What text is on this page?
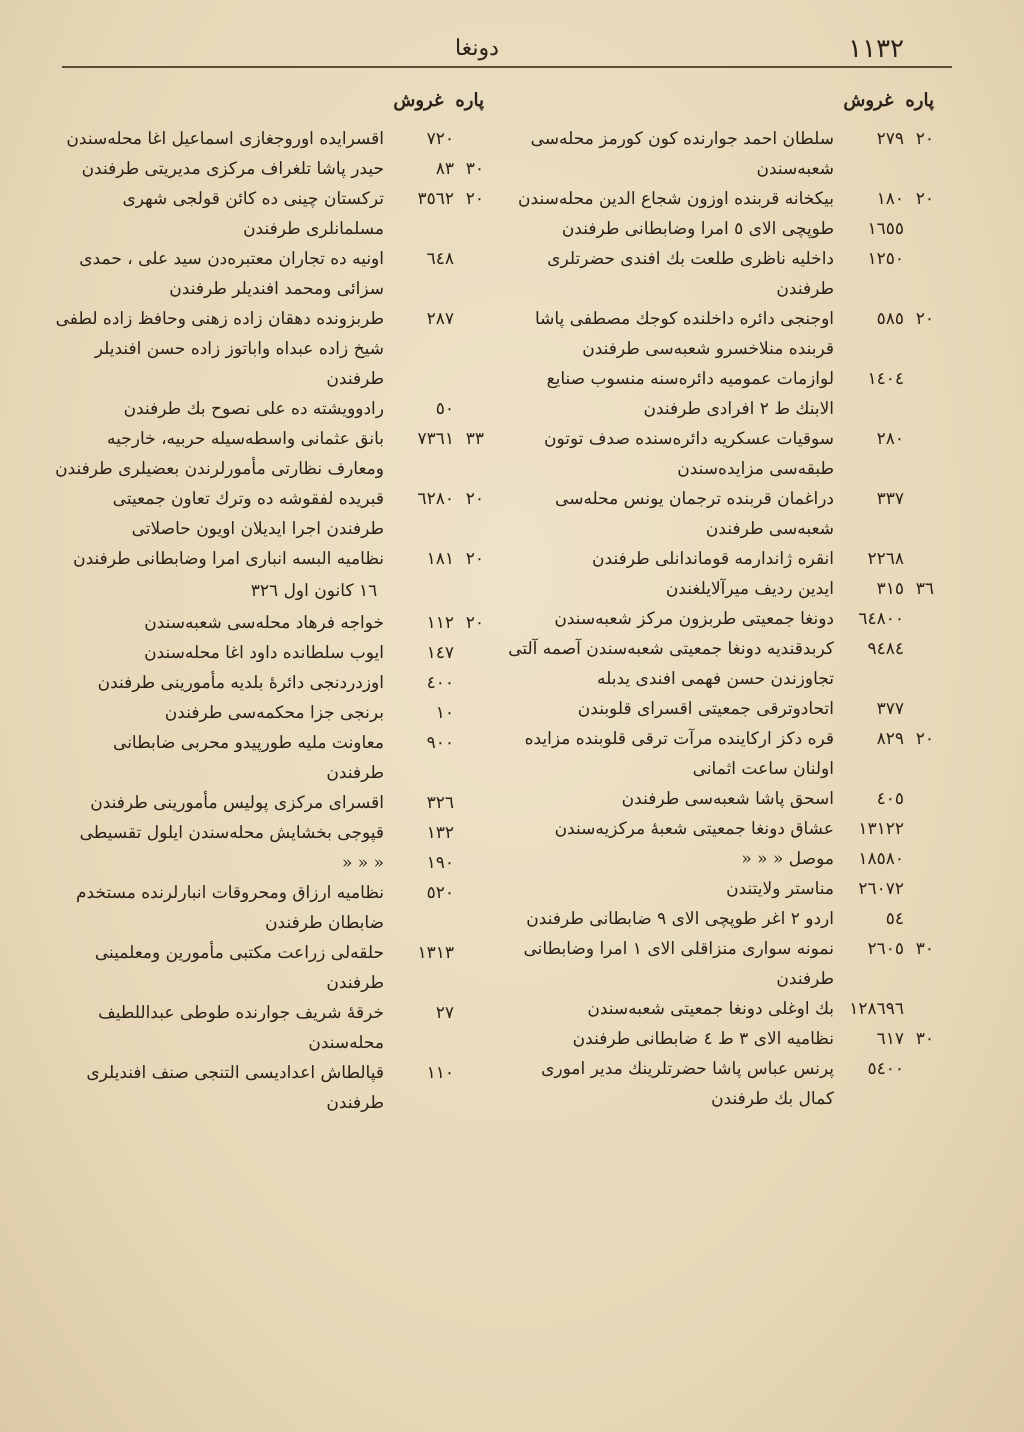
١١٣٢
دونغا
پاره
غروش
٢٠
٢٧٩
سلطان احمد جوارنده كون كورمز محله‌سى شعبه‌سندن
٢٠
١٨٠
بيكخانه قربنده اوزون شجاع الدين محله‌سندن
١٦٥٥
طوپچى الاى ٥ امرا وضابطانى طرفندن
١٢٥٠
داخليه ناظرى طلعت بك افندى حضرتلرى طرفندن
٢٠
٥٨٥
اوجنجى دائره داخلنده كوجك مصطفى پاشا قربنده منلاخسرو شعبه‌سى طرفندن
١٤٠٤
لوازمات عموميه دائره‌سنه منسوب صنايع الابنك ط ٢ افرادى طرفندن
٢٨٠
سوقيات عسكريه دائره‌سنده صدف توتون طبقه‌سى مزايده‌سندن
٣٣٧
دراغمان قربنده ترجمان يونس محله‌سى شعبه‌سى طرفندن
٢٢٦٨
انقره ژاندارمه قوماندانلى طرفندن
٣٦
٣١٥
ايدين رديف ميرآلايلغندن
٦٤٨٠٠
دونغا جمعيتى طربزون مركز شعبه‌سندن
٩٤٨٤
كربدقنديه دونغا جمعيتى شعبه‌سندن آصمه آلتى تجاوزندن حسن فهمى افندى يدبله
٣٧٧
اتحادوترقى جمعيتى اقسراى قلوبندن
٢٠
٨٢٩
قره دكز اركاينده مرآت ترقى قلوبنده مزايده اولنان ساعت اثمانى
٤٠٥
اسحق پاشا شعبه‌سى طرفندن
١٣١٢٢
عشاق دونغا جمعيتى شعبهٔ مركزيه‌سندن
١٨٥٨٠
موصل « « «
٢٦٠٧٢
مناستر ولايتندن
٥٤
اردو ٢ اغر طوپچى الاى ٩ ضابطانى طرفندن
٣٠
٢٦٠٥
نمونه سوارى منزاقلى الاى ١ امرا وضابطانى طرفندن
١٢٨٦٩٦
بك اوغلى دونغا جمعيتى شعبه‌سندن
٣٠
٦١٧
نظاميه الاى ٣ ط ٤ ضابطانى طرفندن
٥٤٠٠
پرنس عباس پاشا حضرتلرينك مدير امورى كمال بك طرفندن
پاره
غروش
٧٢٠
اقسرايده اوروجغازى اسماعيل اغا محله‌سندن
٣٠
٨٣
حيدر پاشا تلغراف مركزى مديريتى طرفندن
٢٠
٣٥٦٢
تركستان چينى ده كائن قولجى شهرى مسلمانلرى طرفندن
٦٤٨
اونيه ده تجاران معتبره‌دن سيد على ، حمدى سزائى ومحمد افنديلر طرفندن
٢٨٧
طربزونده دهقان زاده زهنى وحافظ زاده لطفى شيخ زاده عبداه واباتوز زاده حسن افنديلر طرفندن
٥٠
رادوويشته ده على نصوح بك طرفندن
٣٣
٧٣٦١
بانق عثمانى واسطه‌سيله حربيه، خارجيه ومعارف نظارتى مأمورلرندن بعضيلرى طرفندن
٢٠
٦٢٨٠
قبريده لفقوشه ده وترك تعاون جمعيتى طرفندن اجرا ايديلان اويون حاصلاتى
٢٠
١٨١
نظاميه البسه انبارى امرا وضابطانى طرفندن
١٦ كانون اول ٣٢٦
٢٠
١١٢
خواجه فرهاد محله‌سى شعبه‌سندن
١٤٧
ايوب سلطانده داود اغا محله‌سندن
٤٠٠
اوزدردنجى دائرهٔ بلديه مأمورينى طرفندن
١٠
برنجى جزا محكمه‌سى طرفندن
٩٠٠
معاونت مليه طورپيدو محربى ضابطانى طرفندن
٣٢٦
اقسراى مركزى پوليس مأمورينى طرفندن
١٣٢
قپوجى بخشايش محله‌سندن ايلول تقسيطى
١٩٠
« « «
٥٢٠
نظاميه ارزاق ومحروقات انبارلرنده مستخدم ضابطان طرفندن
١٣١٣
حلقه‌لى زراعت مكتبى مأمورين ومعلمينى طرفندن
٢٧
خرقهٔ شريف جوارنده طوطى عبداللطيف محله‌سندن
١١٠
قپالطاش اعداديسى التنجى صنف افنديلرى طرفندن
